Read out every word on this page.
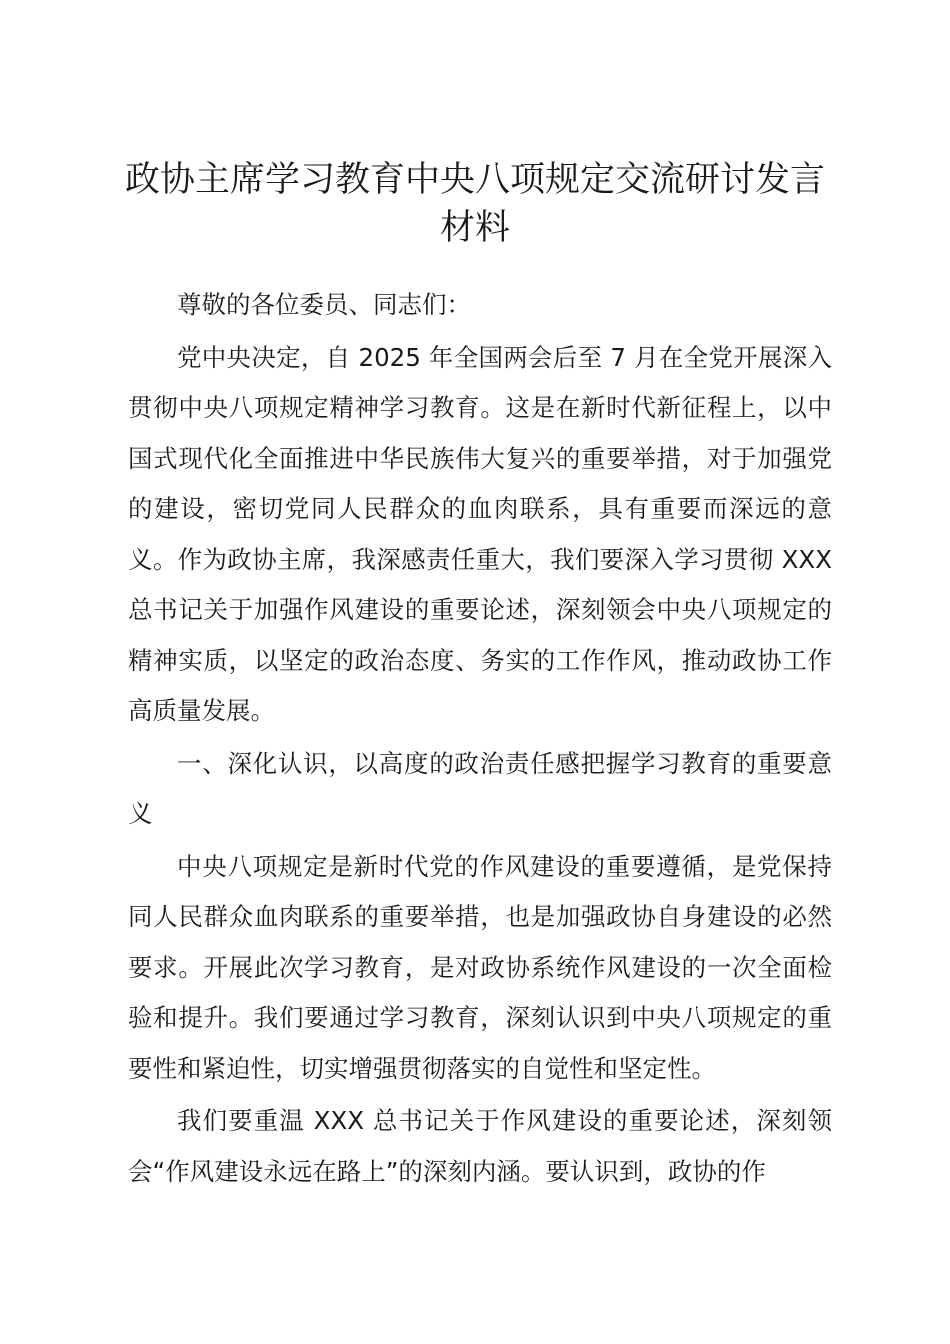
政协主席学习教育中央八项规定交流研讨发言材料

尊敬的各位委员、同志们：

党中央决定，自 2025 年全国两会后至 7 月在全党开展深入贯彻中央八项规定精神学习教育。这是在新时代新征程上，以中国式现代化全面推进中华民族伟大复兴的重要举措，对于加强党的建设，密切党同人民群众的血肉联系，具有重要而深远的意义。作为政协主席，我深感责任重大，我们要深入学习贯彻 XXX 总书记关于加强作风建设的重要论述，深刻领会中央八项规定的精神实质，以坚定的政治态度、务实的工作作风，推动政协工作高质量发展。

一、深化认识，以高度的政治责任感把握学习教育的重要意义

中央八项规定是新时代党的作风建设的重要遵循，是党保持同人民群众血肉联系的重要举措，也是加强政协自身建设的必然要求。开展此次学习教育，是对政协系统作风建设的一次全面检验和提升。我们要通过学习教育，深刻认识到中央八项规定的重要性和紧迫性，切实增强贯彻落实的自觉性和坚定性。

我们要重温 XXX 总书记关于作风建设的重要论述，深刻领会“作风建设永远在路上”的深刻内涵。要认识到，政协的作
